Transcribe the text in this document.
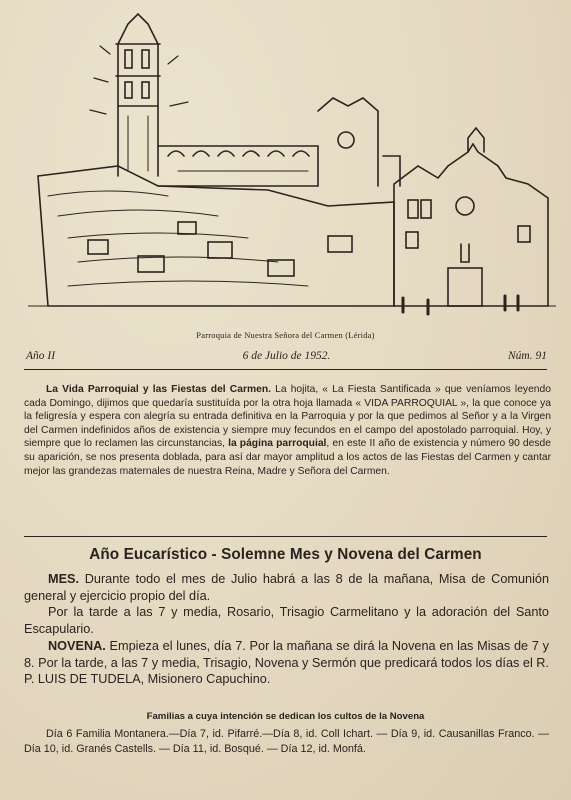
Parroquia de Nuestra Señora del Carmen (Lérida)
Año II	6 de Julio de 1952.	Núm. 91
La Vida Parroquial y las Fiestas del Carmen. La hojita, « La Fiesta Santificada » que veníamos leyendo cada Domingo, dijimos que quedaría sustituída por la otra hoja llamada « VIDA PARROQUIAL », la que conoce ya la feligresía y espera con alegría su entrada definitiva en la Parroquia y por la que pedimos al Señor y a la Virgen del Carmen indefinidos años de existencia y siempre muy fecundos en el campo del apostolado parroquial. Hoy, y siempre que lo reclamen las circunstancias, la página parroquial, en este II año de existencia y número 90 desde su aparición, se nos presenta doblada, para así dar mayor amplitud a los actos de las Fiestas del Carmen y cantar mejor las grandezas maternales de nuestra Reina, Madre y Señora del Carmen.
Año Eucarístico - Solemne Mes y Novena del Carmen

MES. Durante todo el mes de Julio habrá a las 8 de la mañana, Misa de Comunión general y ejercicio propio del día.

Por la tarde a las 7 y media, Rosario, Trisagio Carmelitano y la adoración del Santo Escapulario.

NOVENA. Empieza el lunes, día 7. Por la mañana se dirá la Novena en las Misas de 7 y 8. Por la tarde, a las 7 y media, Trisagio, Novena y Sermón que predicará todos los días el R. P. LUIS DE TUDELA, Misionero Capuchino.

Familias a cuya intención se dedican los cultos de la Novena
Día 6 Familia Montanera.—Día 7, id. Pifarré.—Día 8, id. Coll Ichart. — Día 9, id. Causanillas Franco. — Día 10, id. Granés Castells. — Día 11, id. Bosqué. — Día 12, id. Monfá.
